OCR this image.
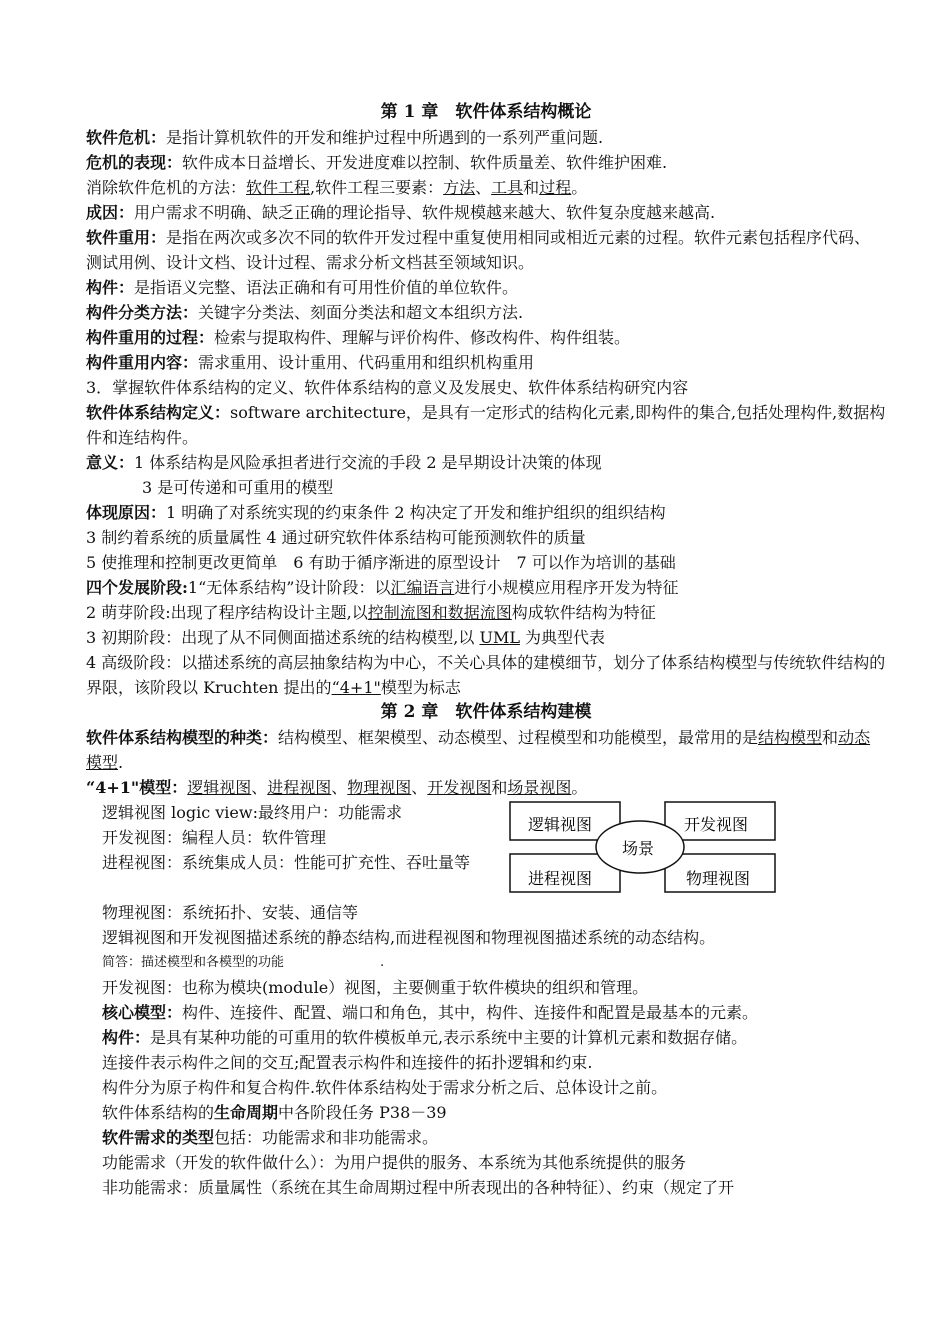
第 1 章　软件体系结构概论
软件危机：是指计算机软件的开发和维护过程中所遇到的一系列严重问题.
危机的表现：软件成本日益增长、开发进度难以控制、软件质量差、软件维护困难.
消除软件危机的方法：软件工程,软件工程三要素：方法、工具和过程。
成因：用户需求不明确、缺乏正确的理论指导、软件规模越来越大、软件复杂度越来越高.
软件重用：是指在两次或多次不同的软件开发过程中重复使用相同或相近元素的过程。软件元素包括程序代码、测试用例、设计文档、设计过程、需求分析文档甚至领域知识。
构件：是指语义完整、语法正确和有可用性价值的单位软件。
构件分类方法：关键字分类法、刻面分类法和超文本组织方法.
构件重用的过程：检索与提取构件、理解与评价构件、修改构件、构件组装。
构件重用内容：需求重用、设计重用、代码重用和组织机构重用
3．掌握软件体系结构的定义、软件体系结构的意义及发展史、软件体系结构研究内容
软件体系结构定义：software architecture，是具有一定形式的结构化元素,即构件的集合,包括处理构件,数据构件和连结构件。
意义：1 体系结构是风险承担者进行交流的手段 2 是早期设计决策的体现
3 是可传递和可重用的模型
体现原因：1 明确了对系统实现的约束条件 2 构决定了开发和维护组织的组织结构
3 制约着系统的质量属性 4 通过研究软件体系结构可能预测软件的质量
5 使推理和控制更改更简单　6 有助于循序渐进的原型设计　7 可以作为培训的基础
四个发展阶段:1“无体系结构”设计阶段：以汇编语言进行小规模应用程序开发为特征
2 萌芽阶段:出现了程序结构设计主题,以控制流图和数据流图构成软件结构为特征
3 初期阶段：出现了从不同侧面描述系统的结构模型,以 UML 为典型代表
4 高级阶段：以描述系统的高层抽象结构为中心，不关心具体的建模细节，划分了体系结构模型与传统软件结构的界限，该阶段以 Kruchten 提出的“4+1"模型为标志
第 2 章　软件体系结构建模
软件体系结构模型的种类：结构模型、框架模型、动态模型、过程模型和功能模型，最常用的是结构模型和动态模型.
“4+1"模型：逻辑视图、进程视图、物理视图、开发视图和场景视图。
逻辑视图 logic view:最终用户：功能需求
开发视图：编程人员：软件管理
进程视图：系统集成人员：性能可扩充性、吞吐量等
逻辑视图	开发视图
进程视图	物理视图
场景
物理视图：系统拓扑、安装、通信等
逻辑视图和开发视图描述系统的静态结构,而进程视图和物理视图描述系统的动态结构。
简答：描述模型和各模型的功能	.
开发视图：也称为模块(module）视图，主要侧重于软件模块的组织和管理。
核心模型：构件、连接件、配置、端口和角色，其中，构件、连接件和配置是最基本的元素。
构件：是具有某种功能的可重用的软件模板单元,表示系统中主要的计算机元素和数据存储。
连接件表示构件之间的交互;配置表示构件和连接件的拓扑逻辑和约束.
构件分为原子构件和复合构件.软件体系结构处于需求分析之后、总体设计之前。
软件体系结构的生命周期中各阶段任务 P38－39
软件需求的类型包括：功能需求和非功能需求。
功能需求（开发的软件做什么）：为用户提供的服务、本系统为其他系统提供的服务
非功能需求：质量属性（系统在其生命周期过程中所表现出的各种特征）、约束（规定了开
